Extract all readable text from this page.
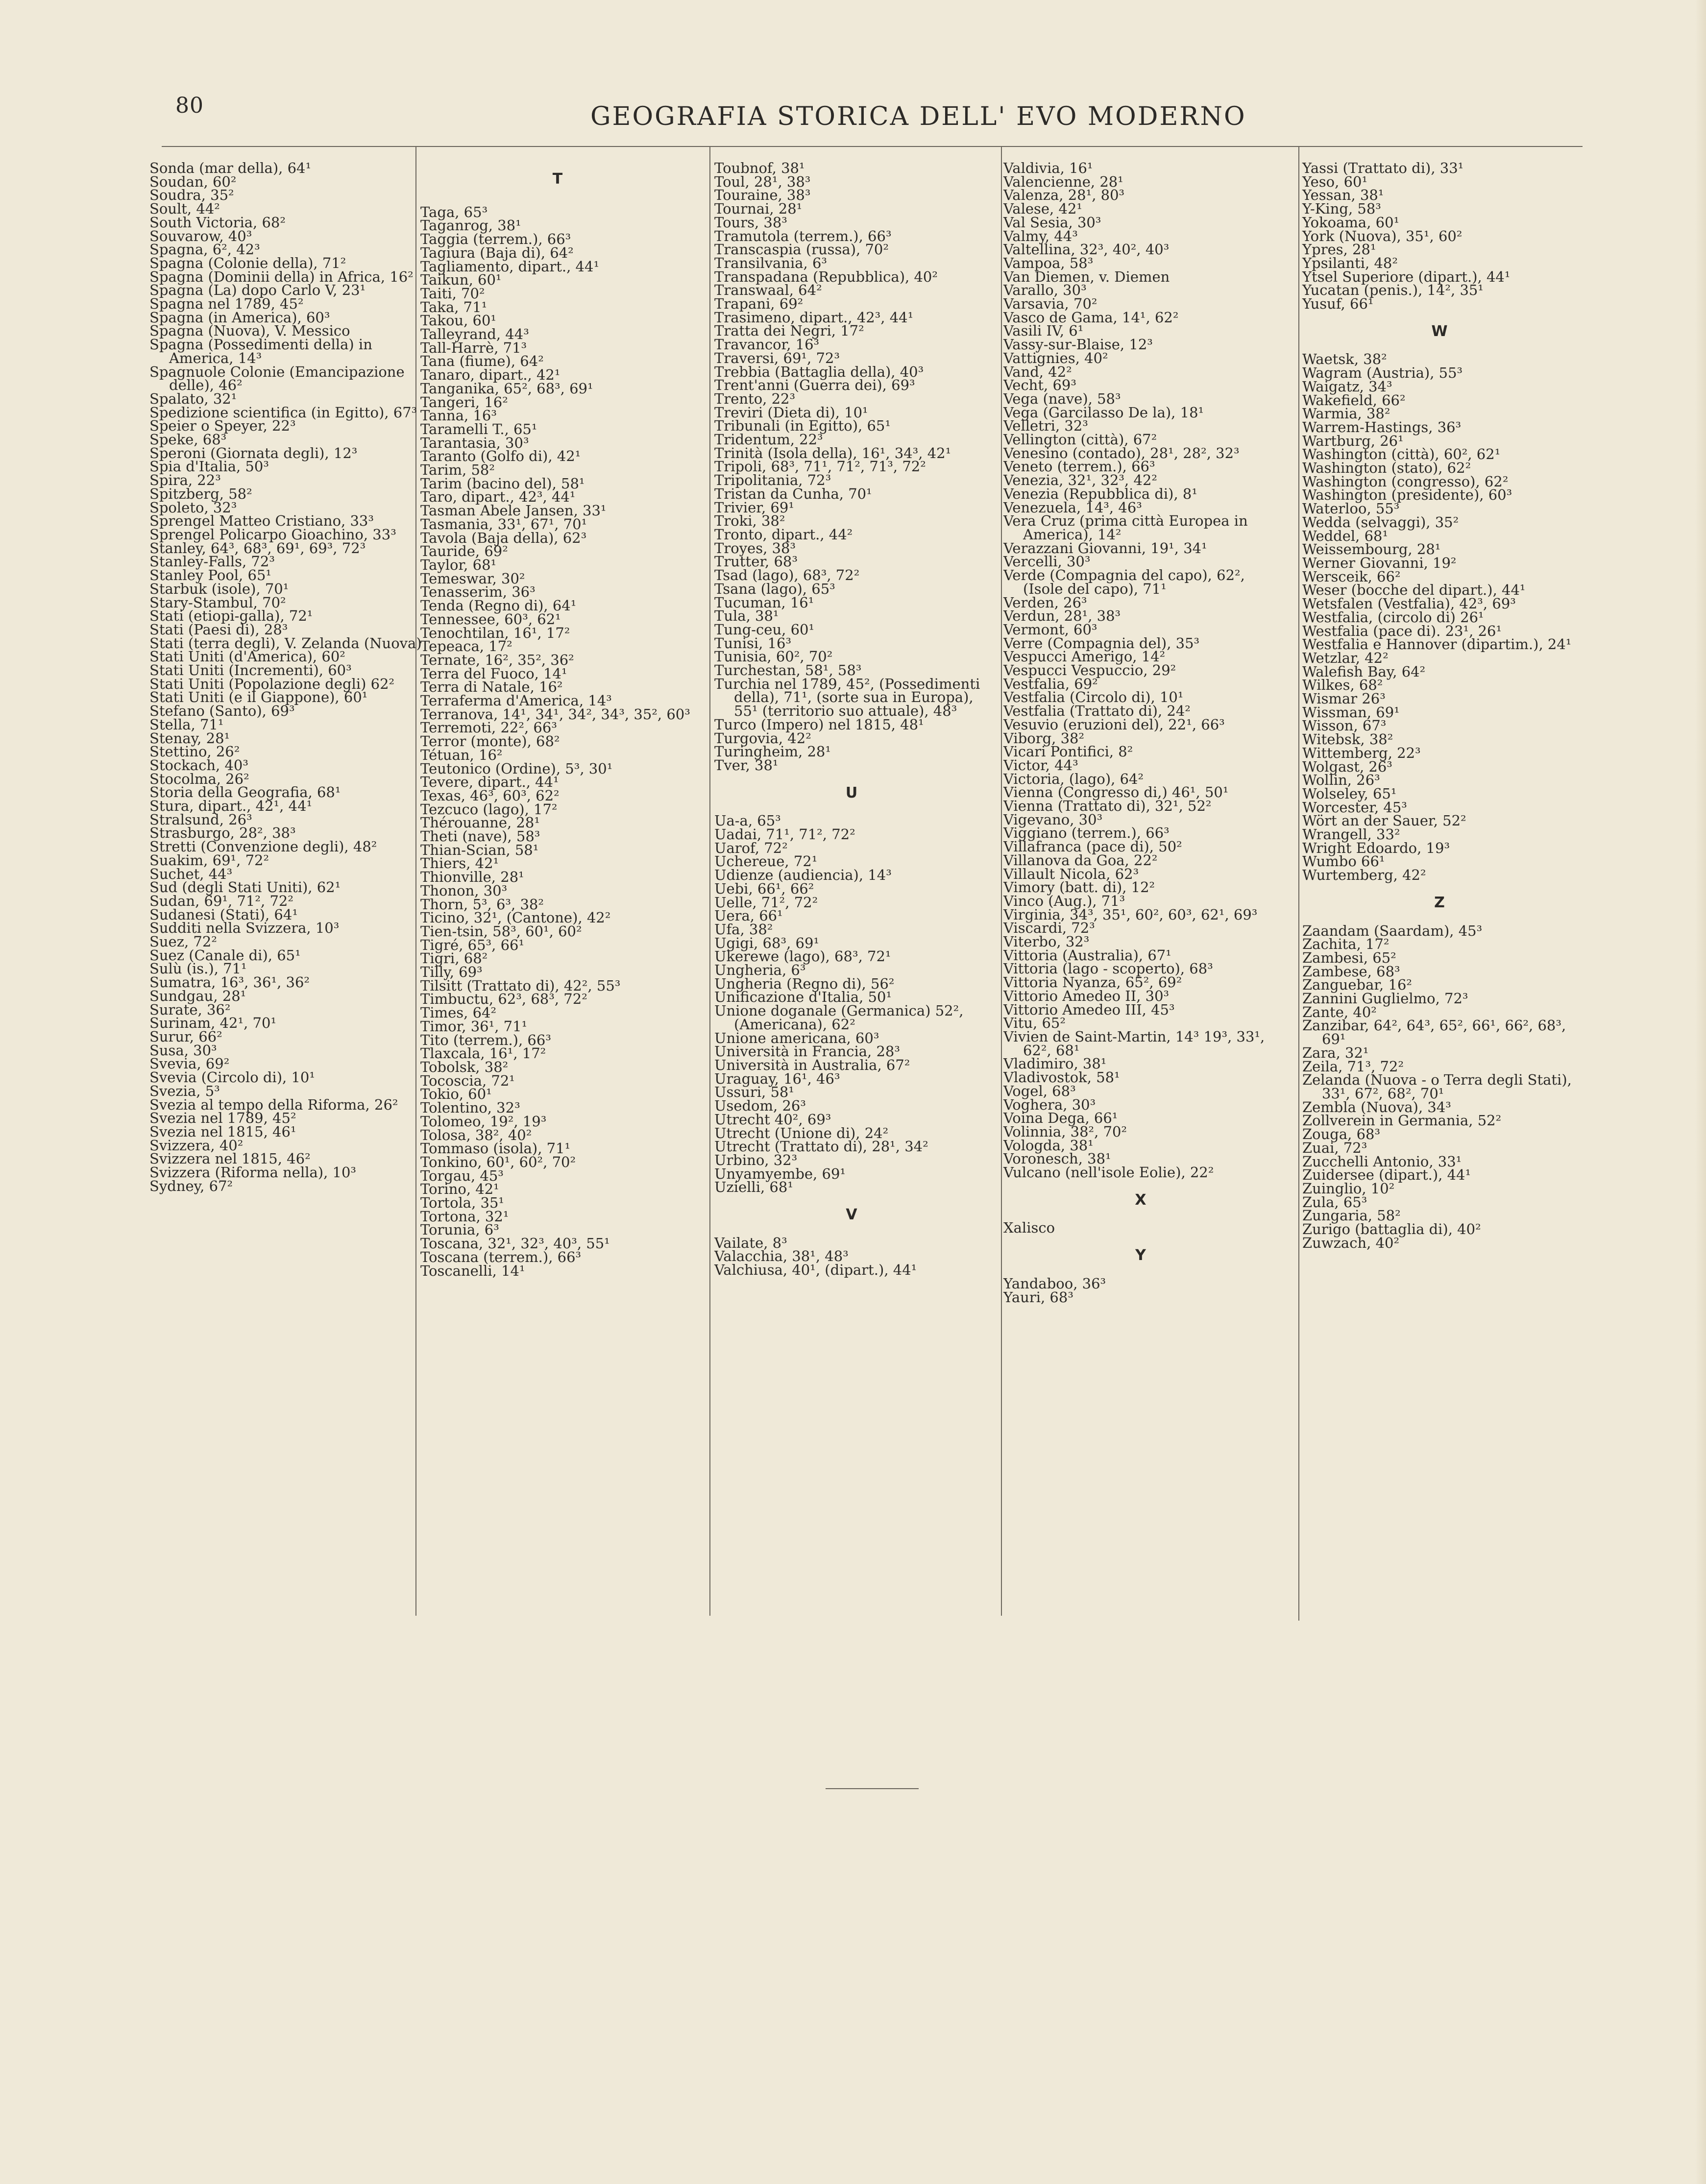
80	GEOGRAFIA STORICA DELL' EVO MODERNO

Sonda (mar della), 64¹

Soudan, 60²

Soudra, 35²

Soult, 44²

South Victoria, 68²

Souvarow, 40³

Spagna, 6², 42³

Spagna (Colonie della), 71²

Spagna (Dominii della) in Africa, 16²

Spagna (La) dopo Carlo V, 23¹

Spagna nel 1789, 45²

Spagna (in America), 60³

Spagna (Nuova), V. Messico

Spagna (Possedimenti della) in America, 14³

Spagnuole Colonie (Emancipazione delle), 46²

Spalato, 32¹

Spedizione scientifica (in Egitto), 67³

Speier o Speyer, 22³

Speke, 68³

Speroni (Giornata degli), 12³

Spia d'Italia, 50³

Spira, 22³

Spitzberg, 58²

Spoleto, 32³

Sprengel Matteo Cristiano, 33³

Sprengel Policarpo Gioachino, 33³

Stanley, 64³, 68³, 69¹, 69³, 72³

Stanley-Falls, 72³

Stanley Pool, 65¹

Starbuk (isole), 70¹

Stary-Stambul, 70²

Stati (etiopi-galla), 72¹

Stati (Paesi di), 28³

Stati (terra degli), V. Zelanda (Nuova)

Stati Uniti (d'America), 60²

Stati Uniti (Incrementi), 60³

Stati Uniti (Popolazione degli) 62²

Stati Uniti (e il Giappone), 60¹

Stefano (Santo), 69³

Stella, 71¹

Stenay, 28¹

Stettino, 26²

Stockach, 40³

Stocolma, 26²

Storia della Geografia, 68¹

Stura, dipart., 42¹, 44¹

Stralsund, 26³

Strasburgo, 28², 38³

Stretti (Convenzione degli), 48²

Suakim, 69¹, 72²

Suchet, 44³

Sud (degli Stati Uniti), 62¹

Sudan, 69¹, 71², 72²

Sudanesi (Stati), 64¹

Sudditi nella Svizzera, 10³

Suez, 72²

Suez (Canale di), 65¹

Sulù (is.), 71¹

Sumatra, 16³, 36¹, 36²

Sundgau, 28¹

Surate, 36²

Surinam, 42¹, 70¹

Surur, 66²

Susa, 30³

Svevia, 69²

Svevia (Circolo di), 10¹

Svezia, 5³

Svezia al tempo della Riforma, 26²

Svezia nel 1789, 45²

Svezia nel 1815, 46¹

Svizzera, 40²

Svizzera nel 1815, 46²

Svizzera (Riforma nella), 10³

Sydney, 67²

T

Taga, 65³

Taganrog, 38¹

Taggia (terrem.), 66³

Tagiura (Baja di), 64²

Tagliamento, dipart., 44¹

Taikun, 60¹

Taiti, 70²

Taka, 71¹

Takou, 60¹

Talleyrand, 44³

Tall-Harrè, 71³

Tana (fiume), 64²

Tanaro, dipart., 42¹

Tanganika, 65², 68³, 69¹

Tangeri, 16²

Tanna, 16³

Taramelli T., 65¹

Tarantasia, 30³

Taranto (Golfo di), 42¹

Tarim, 58²

Tarim (bacino del), 58¹

Taro, dipart., 42³, 44¹

Tasman Abele Jansen, 33¹

Tasmania, 33¹, 67¹, 70¹

Tavola (Baja della), 62³

Tauride, 69²

Taylor, 68¹

Temeswar, 30²

Tenasserim, 36³

Tenda (Regno di), 64¹

Tennessee, 60³, 62¹

Tenochtilan, 16¹, 17²

Tepeaca, 17²

Ternate, 16², 35², 36²

Terra del Fuoco, 14¹

Terra di Natale, 16²

Terraferma d'America, 14³

Terranova, 14¹, 34¹, 34², 34³, 35², 60³

Terremoti, 22², 66³

Terror (monte), 68²

Tétuan, 16²

Teutonico (Ordine), 5³, 30¹

Tevere, dipart., 44¹

Texas, 46³, 60³, 62²

Tezcuco (lago), 17²

Thérouanne, 28¹

Theti (nave), 58³

Thian-Scian, 58¹

Thiers, 42¹

Thionville, 28¹

Thonon, 30³

Thorn, 5³, 6³, 38²

Ticino, 32¹, (Cantone), 42²

Tien-tsin, 58³, 60¹, 60²

Tigré, 65³, 66¹

Tigri, 68²

Tilly, 69³

Tilsitt (Trattato di), 42², 55³

Timbuctu, 62³, 68³, 72²

Times, 64²

Timor, 36¹, 71¹

Tito (terrem.), 66³

Tlaxcala, 16¹, 17²

Tobolsk, 38²

Tocoscia, 72¹

Tokio, 60¹

Tolentino, 32³

Tolomeo, 19², 19³

Tolosa, 38², 40²

Tommaso (isola), 71¹

Tonkino, 60¹, 60², 70²

Torgau, 45³

Torino, 42¹

Tortola, 35¹

Tortona, 32¹

Torunia, 6³

Toscana, 32¹, 32³, 40³, 55¹

Toscana (terrem.), 66³

Toscanelli, 14¹

Toubnof, 38¹

Toul, 28¹, 38³

Touraine, 38³

Tournai, 28¹

Tours, 38³

Tramutola (terrem.), 66³

Transcaspia (russa), 70²

Transilvania, 6³

Transpadana (Repubblica), 40²

Transwaal, 64²

Trapani, 69²

Trasimeno, dipart., 42³, 44¹

Tratta dei Negri, 17²

Travancor, 16³

Traversi, 69¹, 72³

Trebbia (Battaglia della), 40³

Trent'anni (Guerra dei), 69³

Trento, 22³

Treviri (Dieta di), 10¹

Tribunali (in Egitto), 65¹

Tridentum, 22³

Trinità (Isola della), 16¹, 34³, 42¹

Tripoli, 68³, 71¹, 71², 71³, 72²

Tripolitania, 72³

Tristan da Cunha, 70¹

Trivier, 69¹

Troki, 38²

Tronto, dipart., 44²

Troyes, 38³

Trutter, 68³

Tsad (lago), 68³, 72²

Tsana (lago), 65³

Tucuman, 16¹

Tula, 38¹

Tung-ceu, 60¹

Tunisi, 16³

Tunisia, 60², 70²

Turchestan, 58¹, 58³

Turchia nel 1789, 45², (Possedimenti della), 71¹, (sorte sua in Europa), 55¹ (territorio suo attuale), 48³

Turco (Impero) nel 1815, 48¹

Turgovia, 42²

Turingheim, 28¹

Tver, 38¹

U

Ua-a, 65³

Uadai, 71¹, 71², 72²

Uarof, 72²

Uchereue, 72¹

Udienze (audiencia), 14³

Uebi, 66¹, 66²

Uelle, 71², 72²

Uera, 66¹

Ufa, 38²

Ugigi, 68³, 69¹

Ukerewe (lago), 68³, 72¹

Ungheria, 6³

Ungheria (Regno di), 56²

Unificazione d'Italia, 50¹

Unione doganale (Germanica) 52², (Americana), 62²

Unione americana, 60³

Università in Francia, 28³

Università in Australia, 67²

Uraguay, 16¹, 46³

Ussuri, 58¹

Usedom, 26³

Utrecht 40², 69³

Utrecht (Unione di), 24²

Utrecht (Trattato di), 28¹, 34²

Urbino, 32³

Unyamyembe, 69¹

Uzielli, 68¹

V

Vailate, 8³

Valacchia, 38¹, 48³

Valchiusa, 40¹, (dipart.), 44¹

Valdivia, 16¹

Valencienne, 28¹

Valenza, 28¹, 80³

Valese, 42¹

Val Sesia, 30³

Valmy, 44³

Valtellina, 32³, 40², 40³

Vampoa, 58³

Van Diemen, v. Diemen

Varallo, 30³

Varsavia, 70²

Vasco de Gama, 14¹, 62²

Vasili IV, 6¹

Vassy-sur-Blaise, 12³

Vattignies, 40²

Vand, 42²

Vecht, 69³

Vega (nave), 58³

Vega (Garcilasso De la), 18¹

Velletri, 32³

Vellington (città), 67²

Venesino (contado), 28¹, 28², 32³

Veneto (terrem.), 66³

Venezia, 32¹, 32³, 42²

Venezia (Repubblica di), 8¹

Venezuela, 14³, 46³

Vera Cruz (prima città Europea in America), 14²

Verazzani Giovanni, 19¹, 34¹

Vercelli, 30³

Verde (Compagnia del capo), 62², (Isole del capo), 71¹

Verden, 26³

Verdun, 28¹, 38³

Vermont, 60³

Verre (Compagnia del), 35³

Vespucci Amerigo, 14²

Vespucci Vespuccio, 29²

Vestfalia, 69²

Vestfalia (Circolo di), 10¹

Vestfalia (Trattato di), 24²

Vesuvio (eruzioni del), 22¹, 66³

Viborg, 38²

Vicari Pontifici, 8²

Victor, 44³

Victoria, (lago), 64²

Vienna (Congresso di,) 46¹, 50¹

Vienna (Trattato di), 32¹, 52²

Vigevano, 30³

Viggiano (terrem.), 66³

Villafranca (pace di), 50²

Villanova da Goa, 22²

Villault Nicola, 62³

Vimory (batt. di), 12²

Vinco (Aug.), 71³

Virginia, 34³, 35¹, 60², 60³, 62¹, 69³

Viscardi, 72³

Viterbo, 32³

Vittoria (Australia), 67¹

Vittoria (lago - scoperto), 68³

Vittoria Nyanza, 65², 69²

Vittorio Amedeo II, 30³

Vittorio Amedeo III, 45³

Vitu, 65²

Vivien de Saint-Martin, 14³ 19³, 33¹, 62², 68¹

Vladimiro, 38¹

Vladivostok, 58¹

Vogel, 68³

Voghera, 30³

Voina Dega, 66¹

Volinnia, 38², 70²

Vologda, 38¹

Voronesch, 38¹

Vulcano (nell'isole Eolie), 22²

X

Xalisco

Y

Yandaboo, 36³

Yauri, 68³

Yassi (Trattato di), 33¹

Yeso, 60¹

Yessan, 38¹

Y-King, 58³

Yokoama, 60¹

York (Nuova), 35¹, 60²

Ypres, 28¹

Ypsilanti, 48²

Ytsel Superiore (dipart.), 44¹

Yucatan (penis.), 14², 35¹

Yusuf, 66¹

W

Waetsk, 38²

Wagram (Austria), 55³

Waigatz, 34³

Wakefield, 66²

Warmia, 38²

Warrem-Hastings, 36³

Wartburg, 26¹

Washington (città), 60², 62¹

Washington (stato), 62²

Washington (congresso), 62²

Washington (presidente), 60³

Waterloo, 55³

Wedda (selvaggi), 35²

Weddel, 68¹

Weissembourg, 28¹

Werner Giovanni, 19²

Wersceik, 66²

Weser (bocche del dipart.), 44¹

Wetsfalen (Vestfalia), 42³, 69³

Westfalia, (circolo di) 26¹

Westfalia (pace di). 23¹, 26¹

Westfalia e Hannover (dipartim.), 24¹

Wetzlar, 42²

Walefish Bay, 64²

Wilkes, 68²

Wismar 26³

Wissman, 69¹

Wisson, 67³

Witebsk, 38²

Wittemberg, 22³

Wolgast, 26³

Wollin, 26³

Wolseley, 65¹

Worcester, 45³

Wört an der Sauer, 52²

Wrangell, 33²

Wright Edoardo, 19³

Wumbo 66¹

Wurtemberg, 42²

Z

Zaandam (Saardam), 45³

Zachita, 17²

Zambesi, 65²

Zambese, 68³

Zanguebar, 16²

Zannini Guglielmo, 72³

Zante, 40²

Zanzibar, 64², 64³, 65², 66¹, 66², 68³, 69¹

Zara, 32¹

Zeila, 71³, 72²

Zelanda (Nuova - o Terra degli Stati), 33¹, 67², 68², 70¹

Zembla (Nuova), 34³

Zollverein in Germania, 52²

Zouga, 68³

Zuai, 72³

Zucchelli Antonio, 33¹

Zuidersee (dipart.), 44¹

Zuinglio, 10²

Zula, 65³

Zungaria, 58²

Zurigo (battaglia di), 40²

Zuwzach, 40²
